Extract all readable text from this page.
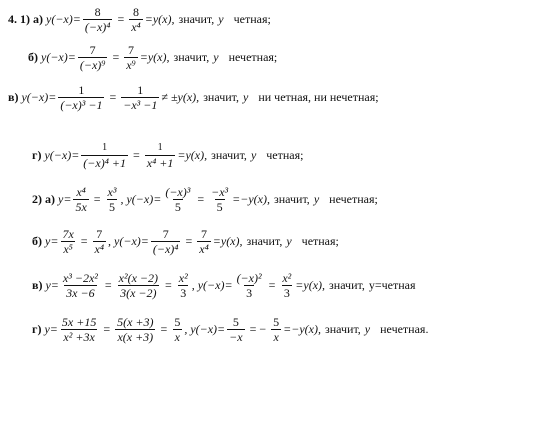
4. 1) а) $y(-x)= \frac{8}{\text{(−x)⁴}} = \frac{8}{\text{x⁴}} =y(x)$, значит, y четная;
б) $y(-x)= \frac{7}{\text{(−x)⁹}} = \frac{7}{\text{x⁹}} =y(x)$, значит, y нечетная;
в) $y(-x)= \frac{1}{\text{(−x)³ −1}} = \frac{1}{\text{−x³ −1}} \ne \pm y(x)$, значит, y ни четная, ни нечетная;
г) $y(-x)= \frac{1}{\text{(−x)⁴ +1}} = \frac{1}{\text{x⁴ +1}} =y(x)$, значит, y четная;
2) а) $y= \frac{\text{x⁴}}{5x} = \frac{\text{x³}}{5}$ , $y(-x)= \frac{\text{(−x)³}}{5} = \frac{\text{−x³}}{5} =-y(x)$, значит, y нечетная;
б) $y= \frac{7x}{\text{x⁵}} = \frac{7}{\text{x⁴}}$ , $y(-x)= \frac{7}{\text{(−x)⁴}} = \frac{7}{\text{x⁴}} =y(x)$, значит, y четная;
в) $y= \frac{\text{x³ −2x²}}{3x -6} = \frac{\text{x²(x −2)}}{3(x -2)} = \frac{\text{x²}}{3}$ , $y(-x)= \frac{\text{(−x)²}}{3} = \frac{\text{x²}}{3} =y(x)$, значит, y=четная
г) $y= \frac{5x +15}{\text{x² +3x}} = \frac{5(x +3)}{x(x +3)} = \frac{5}{x}$ , $y(-x)= \frac{5}{-x}$ = − $\frac{5}{x} =-y(x)$, значит, y нечетная.
